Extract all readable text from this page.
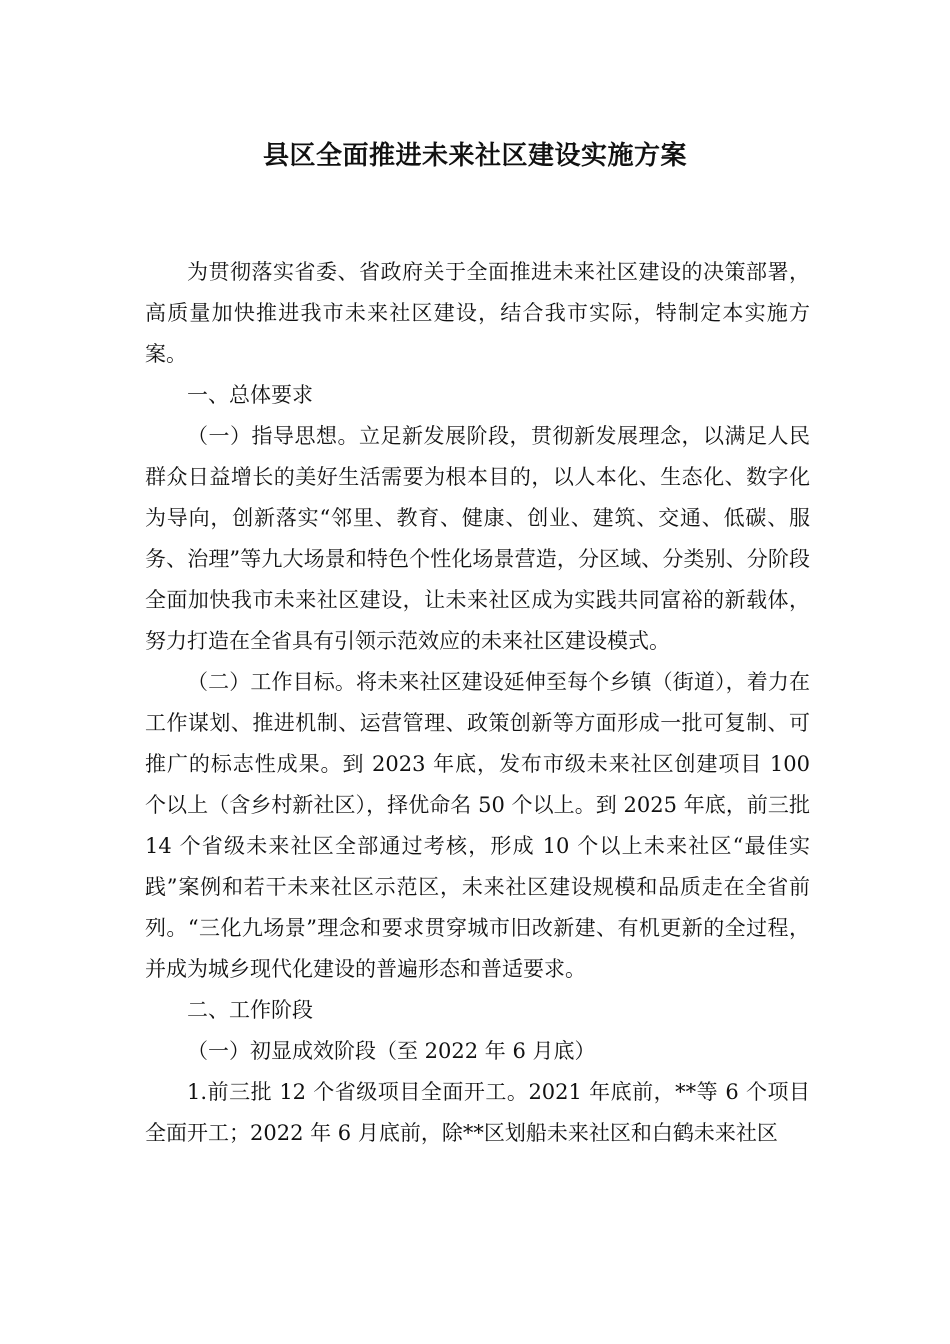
县区全面推进未来社区建设实施方案

为贯彻落实省委、省政府关于全面推进未来社区建设的决策部署，高质量加快推进我市未来社区建设，结合我市实际，特制定本实施方案。

一、总体要求

（一）指导思想。立足新发展阶段，贯彻新发展理念，以满足人民群众日益增长的美好生活需要为根本目的，以人本化、生态化、数字化为导向，创新落实“邻里、教育、健康、创业、建筑、交通、低碳、服务、治理”等九大场景和特色个性化场景营造，分区域、分类别、分阶段全面加快我市未来社区建设，让未来社区成为实践共同富裕的新载体，努力打造在全省具有引领示范效应的未来社区建设模式。

（二）工作目标。将未来社区建设延伸至每个乡镇（街道），着力在工作谋划、推进机制、运营管理、政策创新等方面形成一批可复制、可推广的标志性成果。到 2023 年底，发布市级未来社区创建项目 100 个以上（含乡村新社区），择优命名 50 个以上。到 2025 年底，前三批 14 个省级未来社区全部通过考核，形成 10 个以上未来社区“最佳实践”案例和若干未来社区示范区，未来社区建设规模和品质走在全省前列。“三化九场景”理念和要求贯穿城市旧改新建、有机更新的全过程，并成为城乡现代化建设的普遍形态和普适要求。

二、工作阶段

（一）初显成效阶段（至 2022 年 6 月底）

1.前三批 12 个省级项目全面开工。2021 年底前，**等 6 个项目全面开工；2022 年 6 月底前，除**区划船未来社区和白鹤未来社区
